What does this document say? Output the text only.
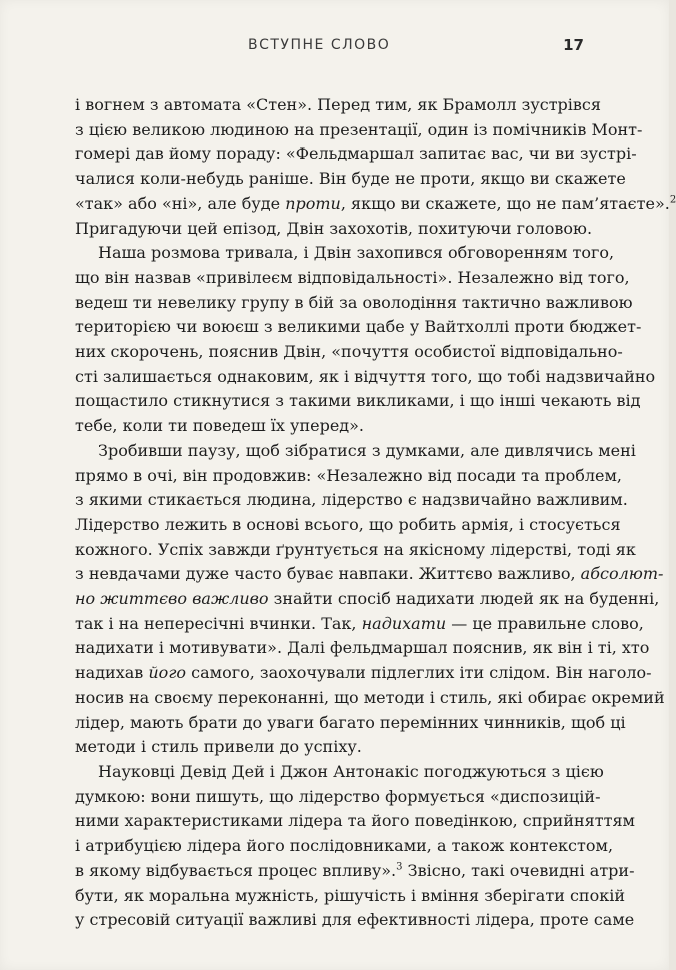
ВСТУПНЕ СЛОВО	17

і вогнем з автомата «Стен». Перед тим, як Брамолл зустрівся
з цією великою людиною на презентації, один із помічників Монт-
гомері дав йому пораду: «Фельдмаршал запитає вас, чи ви зустрі-
чалися коли-небудь раніше. Він буде не проти, якщо ви скажете
«так» або «ні», але буде проти, якщо ви скажете, що не пам’ятаєте».$^2$
Пригадуючи цей епізод, Двін захохотів, похитуючи головою.

Наша розмова тривала, і Двін захопився обговоренням того,
що він назвав «привілеєм відповідальності». Незалежно від того,
ведеш ти невелику групу в бій за оволодіння тактично важливою
територією чи воюєш з великими цабе у Вайтхоллі проти бюджет-
них скорочень, пояснив Двін, «почуття особистої відповідально-
сті залишається однаковим, як і відчуття того, що тобі надзвичайно
пощастило стикнутися з такими викликами, і що інші чекають від
тебе, коли ти поведеш їх уперед».

Зробивши паузу, щоб зібратися з думками, але дивлячись мені
прямо в очі, він продовжив: «Незалежно від посади та проблем,
з якими стикається людина, лідерство є надзвичайно важливим.
Лідерство лежить в основі всього, що робить армія, і стосується
кожного. Успіх завжди ґрунтується на якісному лідерстві, тоді як
з невдачами дуже часто буває навпаки. Життєво важливо, абсолют-
но життєво важливо знайти спосіб надихати людей як на буденні,
так і на непересічні вчинки. Так, надихати — це правильне слово,
надихати і мотивувати». Далі фельдмаршал пояснив, як він і ті, хто
надихав його самого, заохочували підлеглих іти слідом. Він наголо-
носив на своєму переконанні, що методи і стиль, які обирає окремий
лідер, мають брати до уваги багато перемінних чинників, щоб ці
методи і стиль привели до успіху.

Науковці Девід Дей і Джон Антонакіс погоджуються з цією
думкою: вони пишуть, що лідерство формується «диспозицій-
ними характеристиками лідера та його поведінкою, сприйняттям
і атрибуцією лідера його послідовниками, а також контекстом,
в якому відбувається процес впливу».$^3$ Звісно, такі очевидні атри-
бути, як моральна мужність, рішучість і вміння зберігати спокій
у стресовій ситуації важливі для ефективності лідера, проте саме
